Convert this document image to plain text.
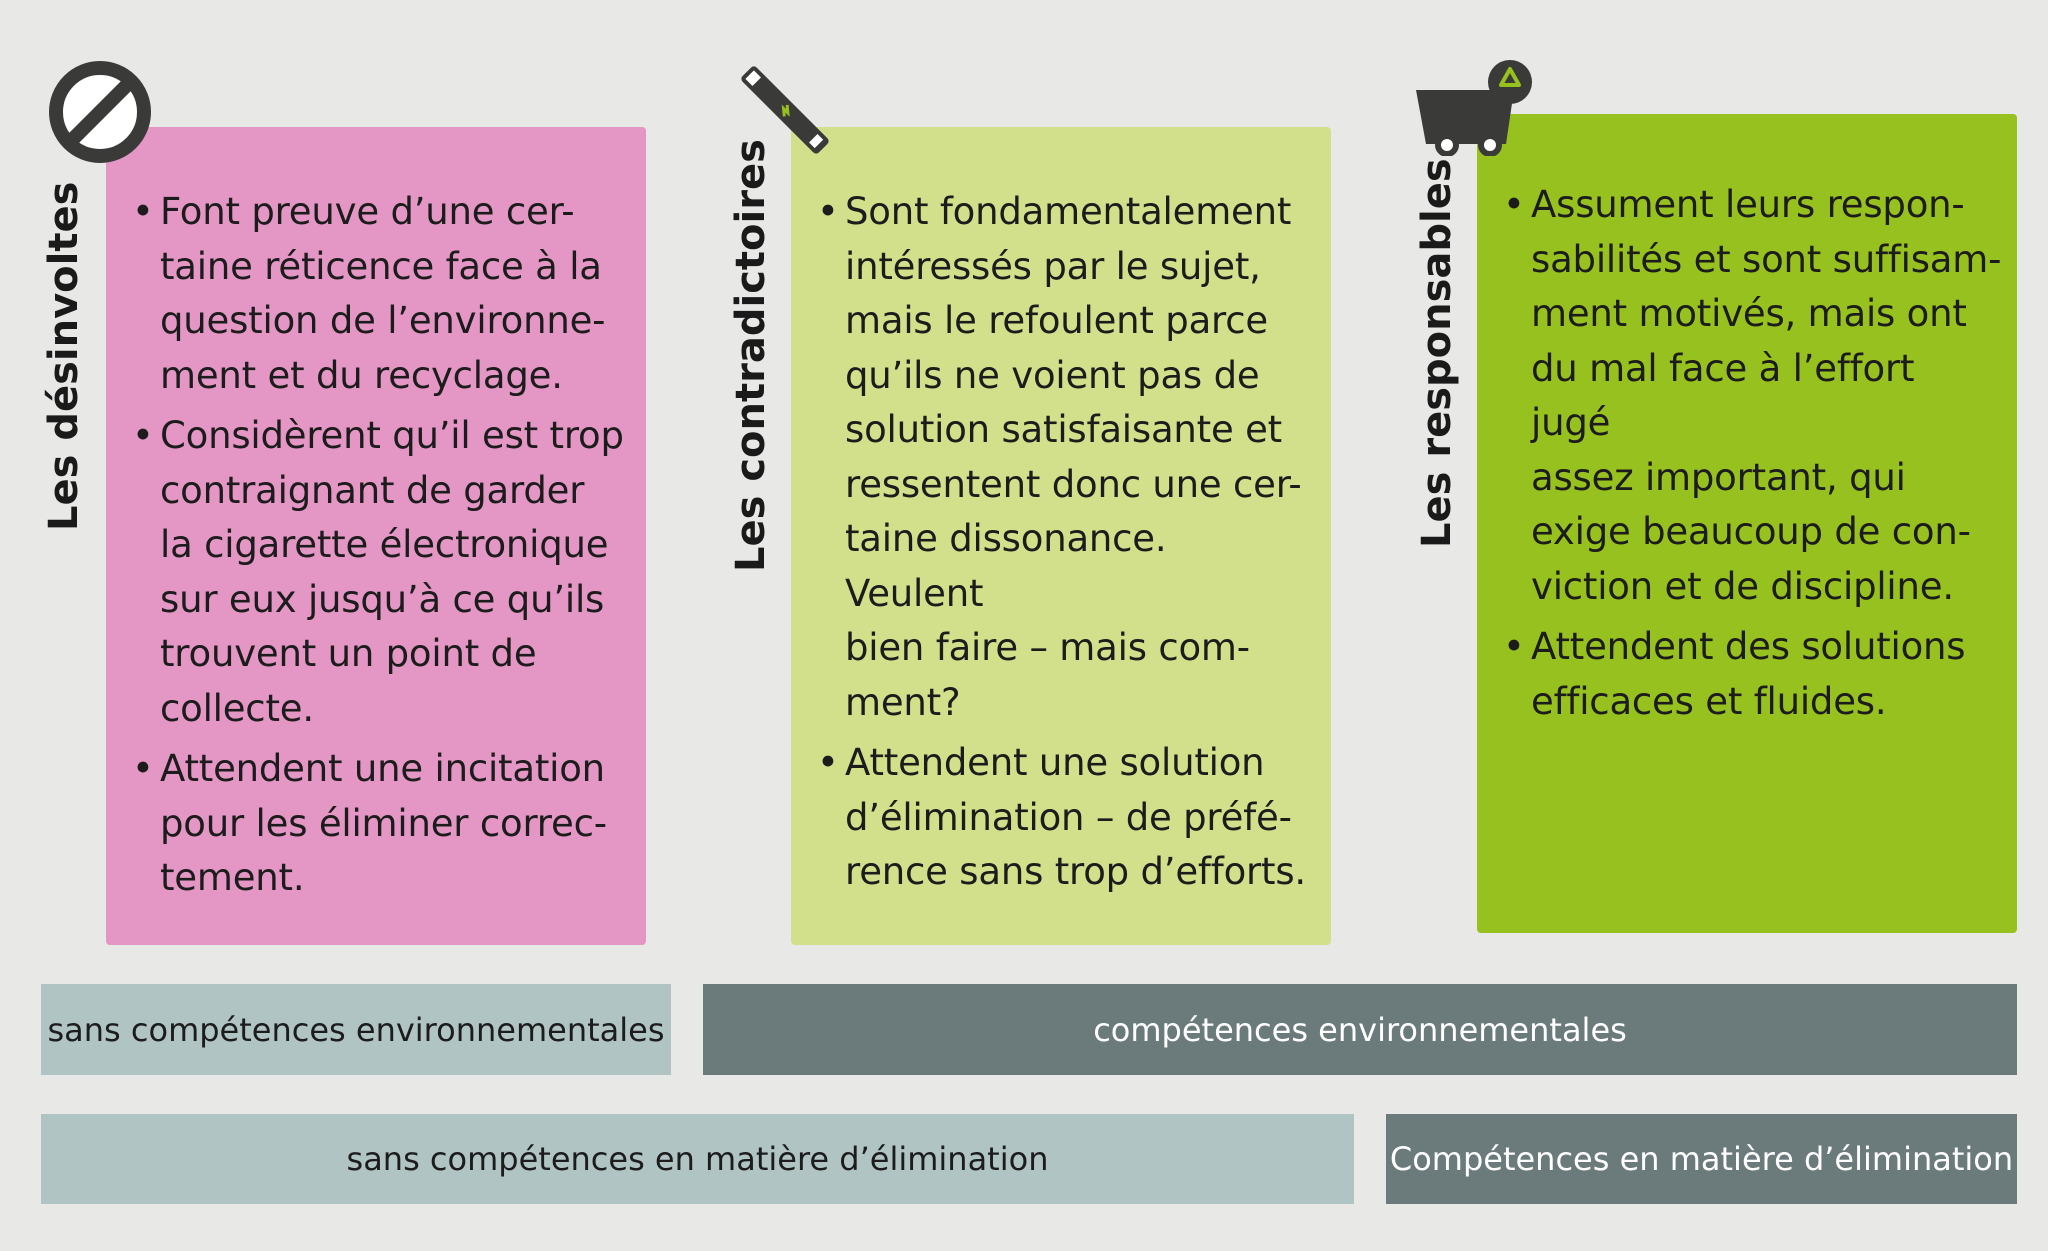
Les désinvoltes	• Font preuve d’une cer-
taine réticence face à la
question de l’environne-
ment et du recyclage.
• Considèrent qu’il est trop
contraignant de garder
la cigarette électronique
sur eux jusqu’à ce qu’ils
trouvent un point de
collecte.
• Attendent une incitation
pour les éliminer correc-
tement.
Les contradictoires	• Sont fondamentalement
intéressés par le sujet,
mais le refoulent parce
qu’ils ne voient pas de
solution satisfaisante et
ressentent donc une cer-
taine dissonance. Veulent
bien faire – mais com-
ment?
• Attendent une solution
d’élimination – de préfé-
rence sans trop d’efforts.
Les responsables	• Assument leurs respon-
sabilités et sont suffisam-
ment motivés, mais ont
du mal face à l’effort jugé
assez important, qui
exige beaucoup de con-
viction et de discipline.
• Attendent des solutions
efficaces et fluides.
sans compétences environnementales	compétences environnementales
sans compétences en matière d’élimination	Compétences en matière d’élimination
